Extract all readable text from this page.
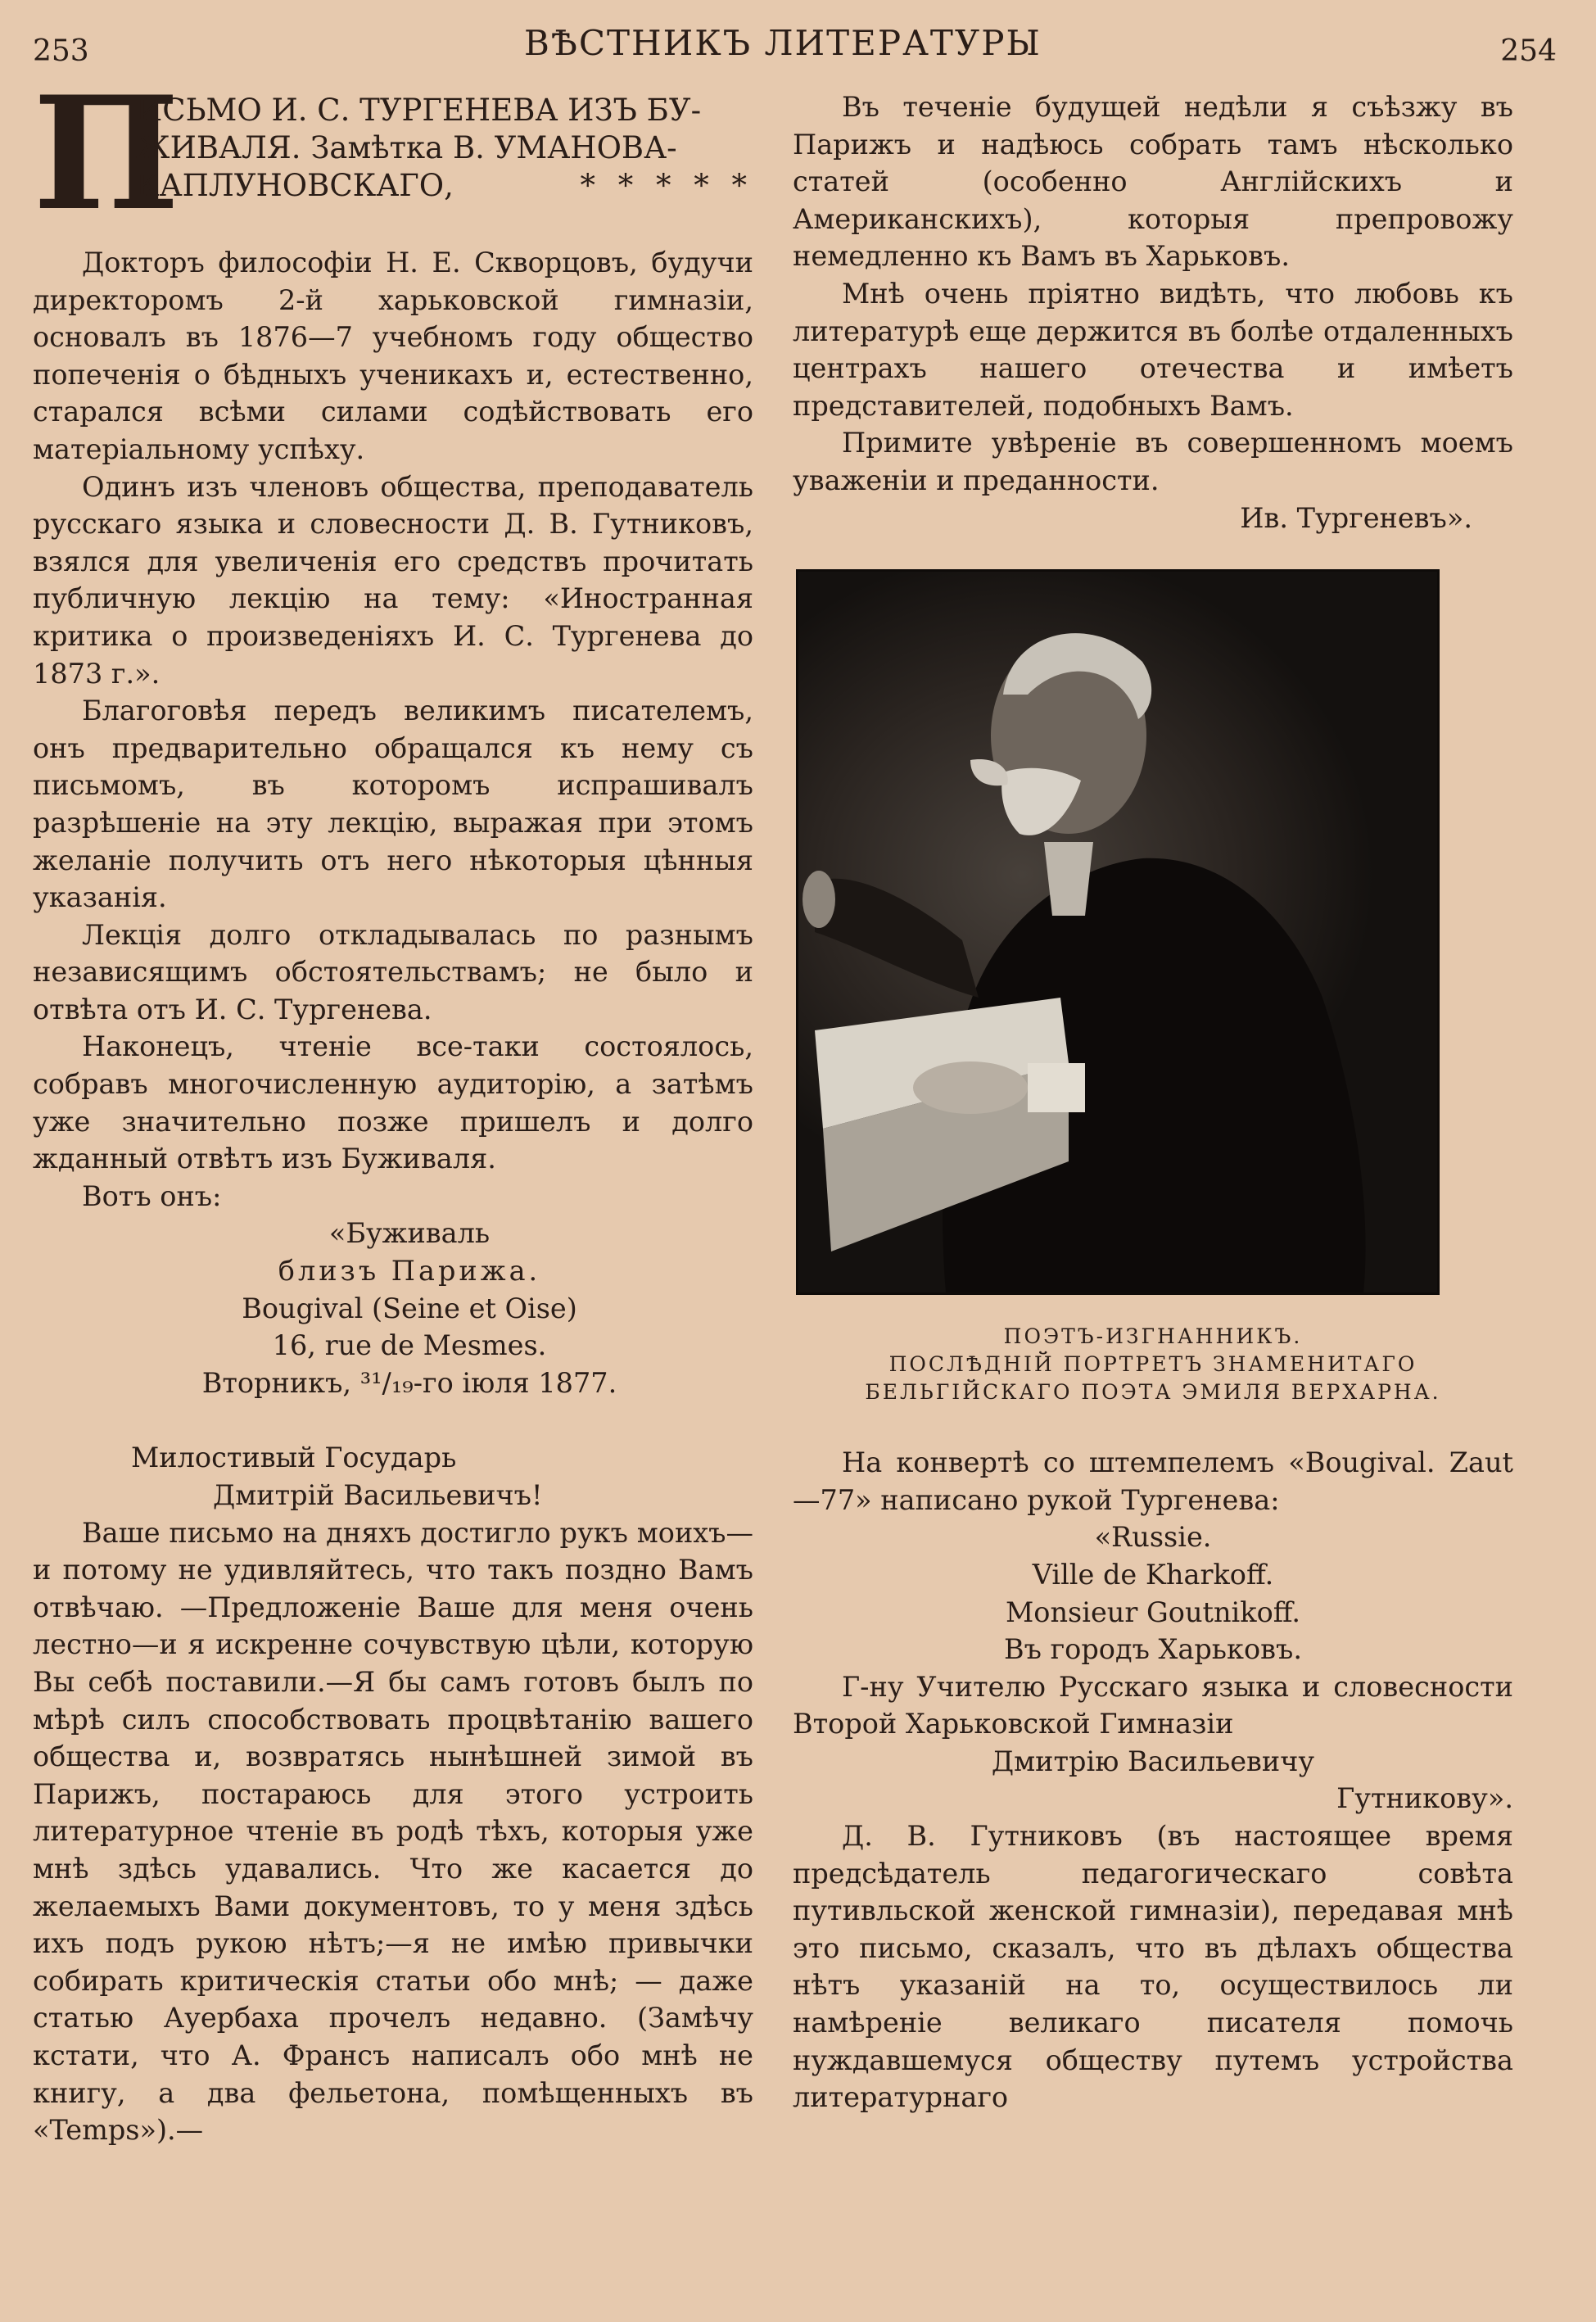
253	ВѢСТНИКЪ ЛИТЕРАТУРЫ	254
П
ИСЬМО И. С. ТУРГЕНЕВА ИЗЪ БУ-
ЖИВАЛЯ. Замѣтка В. УМАНОВА-
КАПЛУНОВСКАГО,	* * * * *

Докторъ философіи Н. Е. Скворцовъ, будучи директоромъ 2-й харьковской гимназіи, основалъ въ 1876—7 учебномъ году общество попеченія о бѣдныхъ ученикахъ и, естественно, старался всѣми силами содѣйствовать его матеріальному успѣху.

Одинъ изъ членовъ общества, преподаватель русскаго языка и словесности Д. В. Гутниковъ, взялся для увеличенія его средствъ прочитать публичную лекцію на тему: «Иностранная критика о произведеніяхъ И. С. Тургенева до 1873 г.».

Благоговѣя передъ великимъ писателемъ, онъ предварительно обращался къ нему съ письмомъ, въ которомъ испрашивалъ разрѣшеніе на эту лекцію, выражая при этомъ желаніе получить отъ него нѣкоторыя цѣнныя указанія.

Лекція долго откладывалась по разнымъ независящимъ обстоятельствамъ; не было и отвѣта отъ И. С. Тургенева.

Наконецъ, чтеніе все-таки состоялось, собравъ многочисленную аудиторію, а затѣмъ уже значительно позже пришелъ и долго жданный отвѣтъ изъ Буживаля.

Вотъ онъ:

«Буживаль

близъ Парижа.

Bougival (Seine et Oise)

16, rue de Mesmes.

Вторникъ, ³¹/₁₉-го іюля 1877.

Милостивый Государь

Дмитрій Васильевичъ!

Ваше письмо на дняхъ достигло рукъ моихъ—и потому не удивляйтесь, что такъ поздно Вамъ отвѣчаю. —Предложеніе Ваше для меня очень лестно—и я искренне сочувствую цѣли, которую Вы себѣ поставили.—Я бы самъ готовъ былъ по мѣрѣ силъ способствовать процвѣтанію вашего общества и, возвратясь нынѣшней зимой въ Парижъ, постараюсь для этого устроить литературное чтеніе въ родѣ тѣхъ, которыя уже мнѣ здѣсь удавались. Что же касается до желаемыхъ Вами документовъ, то у меня здѣсь ихъ подъ рукою нѣтъ;—я не имѣю привычки собирать критическія статьи обо мнѣ; — даже статью Ауербаха прочелъ недавно. (Замѣчу кстати, что А. Франсъ написалъ обо мнѣ не книгу, а два фельетона, помѣщенныхъ въ «Temps»).—

Въ теченіе будущей недѣли я съѣзжу въ Парижъ и надѣюсь собрать тамъ нѣсколько статей (особенно Англійскихъ и Американскихъ), которыя препровожу немедленно къ Вамъ въ Харьковъ.

Мнѣ очень пріятно видѣть, что любовь къ литературѣ еще держится въ болѣе отдаленныхъ центрахъ нашего отечества и имѣетъ представителей, подобныхъ Вамъ.

Примите увѣреніе въ совершенномъ моемъ уваженіи и преданности.

Ив. Тургеневъ».

ПОЭТЪ-ИЗГНАННИКЪ.
ПОСЛѢДНІЙ ПОРТРЕТЪ ЗНАМЕНИТАГО БЕЛЬГІЙСКАГО ПОЭТА ЭМИЛЯ ВЕРХАРНА.

На конвертѣ со штемпелемъ «Bougival. Zaut—77» написано рукой Тургенева:

«Russie.

Ville de Kharkoff.

Monsieur Goutnikoff.

Въ городъ Харьковъ.

Г-ну Учителю Русскаго языка и словесности Второй Харьковской Гимназіи

Дмитрію Васильевичу

Гутникову».

Д. В. Гутниковъ (въ настоящее время предсѣдатель педагогическаго совѣта путивльской женской гимназіи), передавая мнѣ это письмо, сказалъ, что въ дѣлахъ общества нѣтъ указаній на то, осуществилось ли намѣреніе великаго писателя помочь нуждавшемуся обществу путемъ устройства литературнаго
